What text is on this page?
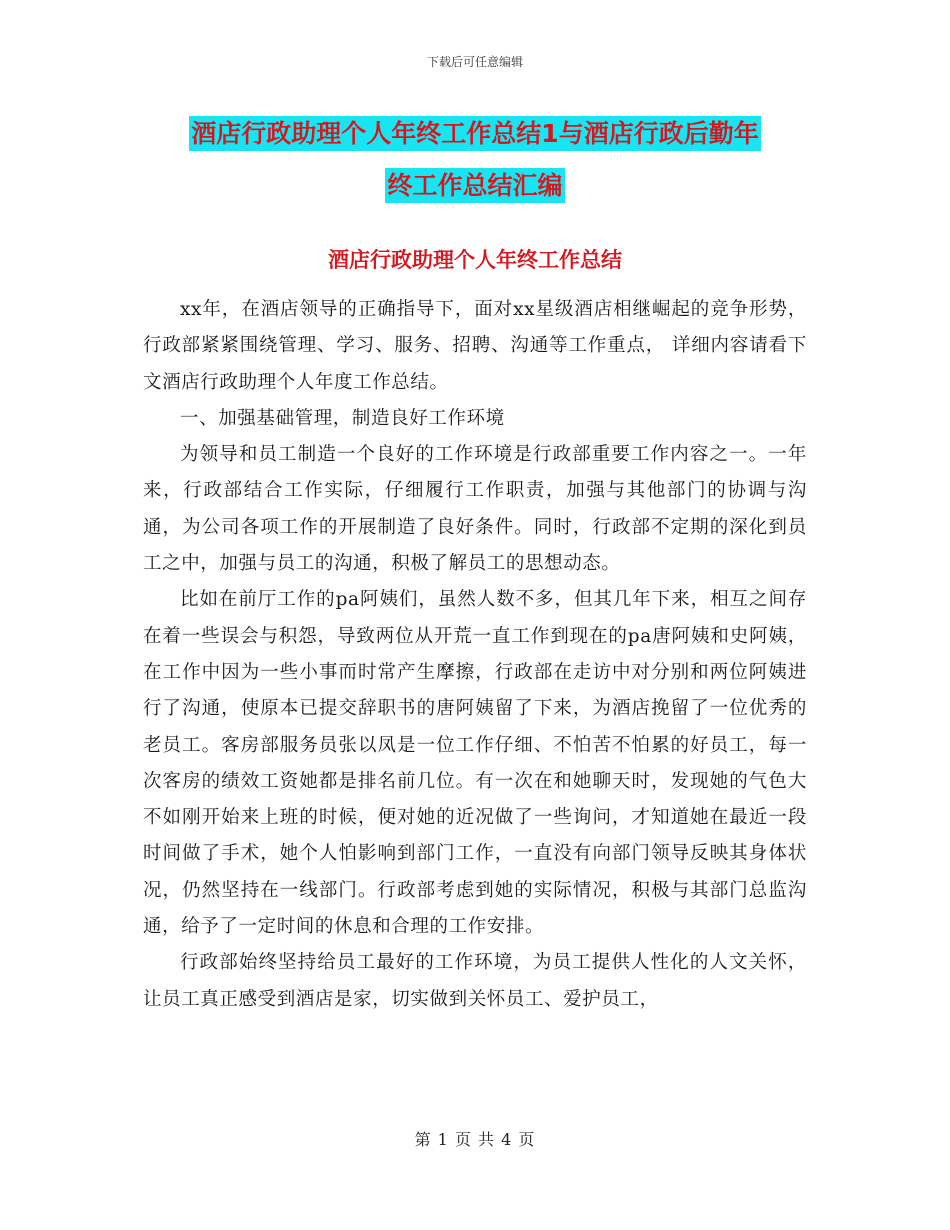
下载后可任意编辑
酒店行政助理个人年终工作总结1与酒店行政后勤年
终工作总结汇编
酒店行政助理个人年终工作总结

xx年，在酒店领导的正确指导下，面对xx星级酒店相继崛起的竞争形势，行政部紧紧围绕管理、学习、服务、招聘、沟通等工作重点， 详细内容请看下文酒店行政助理个人年度工作总结。

一、加强基础管理，制造良好工作环境

为领导和员工制造一个良好的工作环境是行政部重要工作内容之一。一年来，行政部结合工作实际，仔细履行工作职责，加强与其他部门的协调与沟通，为公司各项工作的开展制造了良好条件。同时，行政部不定期的深化到员工之中，加强与员工的沟通，积极了解员工的思想动态。

比如在前厅工作的pa阿姨们，虽然人数不多，但其几年下来，相互之间存在着一些误会与积怨，导致两位从开荒一直工作到现在的pa唐阿姨和史阿姨，在工作中因为一些小事而时常产生摩擦，行政部在走访中对分别和两位阿姨进行了沟通，使原本已提交辞职书的唐阿姨留了下来，为酒店挽留了一位优秀的老员工。客房部服务员张以凤是一位工作仔细、不怕苦不怕累的好员工，每一次客房的绩效工资她都是排名前几位。有一次在和她聊天时，发现她的气色大不如刚开始来上班的时候，便对她的近况做了一些询问，才知道她在最近一段时间做了手术，她个人怕影响到部门工作，一直没有向部门领导反映其身体状况，仍然坚持在一线部门。行政部考虑到她的实际情况，积极与其部门总监沟通，给予了一定时间的休息和合理的工作安排。

行政部始终坚持给员工最好的工作环境，为员工提供人性化的人文关怀，让员工真正感受到酒店是家，切实做到关怀员工、爱护员工，

第 1 页 共 4 页
